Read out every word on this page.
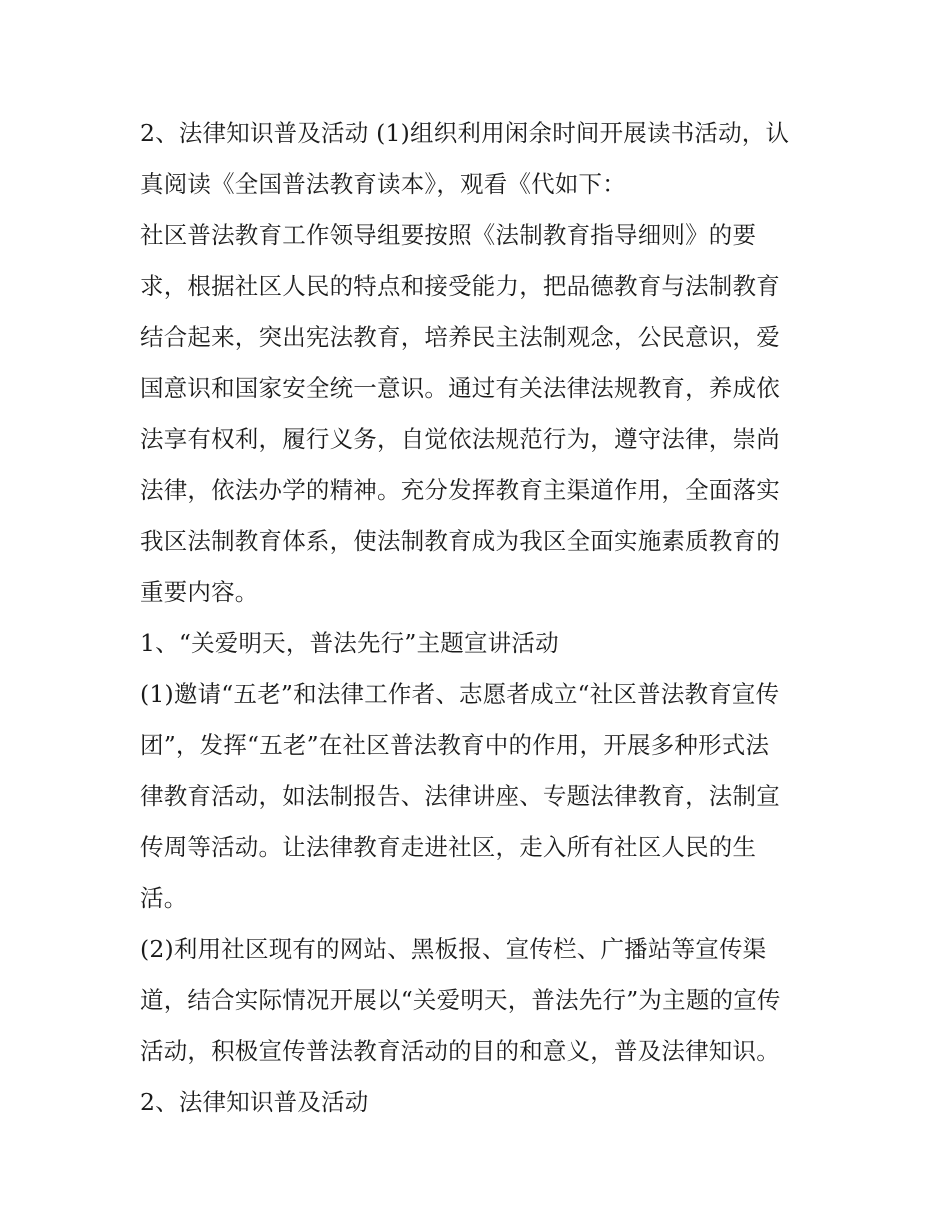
2、法律知识普及活动 (1)组织利用闲余时间开展读书活动，认
真阅读《全国普法教育读本》，观看《代如下：
社区普法教育工作领导组要按照《法制教育指导细则》的要
求，根据社区人民的特点和接受能力，把品德教育与法制教育
结合起来，突出宪法教育，培养民主法制观念，公民意识，爱
国意识和国家安全统一意识。通过有关法律法规教育，养成依
法享有权利，履行义务，自觉依法规范行为，遵守法律，崇尚
法律，依法办学的精神。充分发挥教育主渠道作用，全面落实
我区法制教育体系，使法制教育成为我区全面实施素质教育的
重要内容。
1、“关爱明天，普法先行”主题宣讲活动
(1)邀请“五老”和法律工作者、志愿者成立“社区普法教育宣传
团”，发挥“五老”在社区普法教育中的作用，开展多种形式法
律教育活动，如法制报告、法律讲座、专题法律教育，法制宣
传周等活动。让法律教育走进社区，走入所有社区人民的生
活。
(2)利用社区现有的网站、黑板报、宣传栏、广播站等宣传渠
道，结合实际情况开展以“关爱明天，普法先行”为主题的宣传
活动，积极宣传普法教育活动的目的和意义，普及法律知识。
2、法律知识普及活动
